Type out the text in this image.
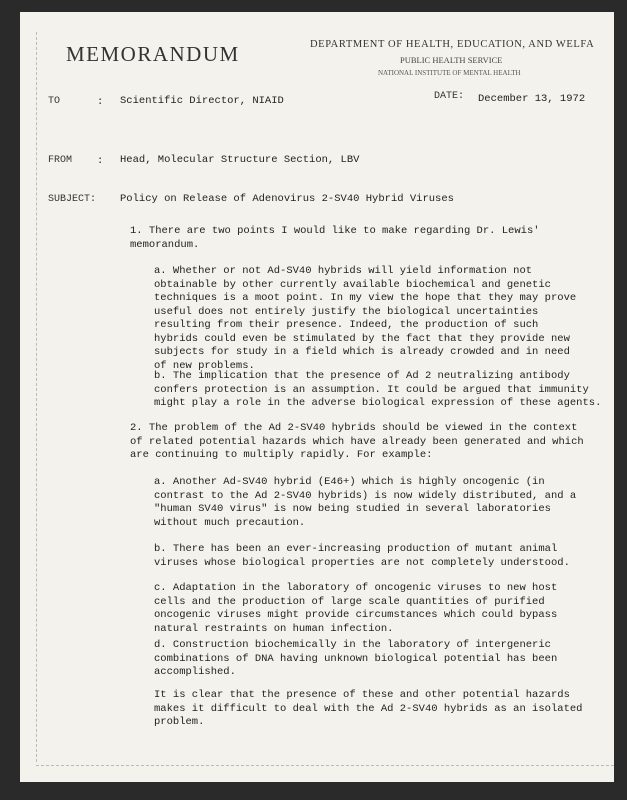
MEMORANDUM	DEPARTMENT OF HEALTH, EDUCATION, AND WELFA
PUBLIC HEALTH SERVICE
NATIONAL INSTITUTE OF MENTAL HEALTH
TO	: Scientific Director, NIAID	DATE: December 13, 1972
FROM : Head, Molecular Structure Section, LBV
SUBJECT: Policy on Release of Adenovirus 2-SV40 Hybrid Viruses

1. There are two points I would like to make regarding Dr. Lewis' memorandum.

a. Whether or not Ad-SV40 hybrids will yield information not obtainable by other currently available biochemical and genetic techniques is a moot point. In my view the hope that they may prove useful does not entirely justify the biological uncertainties resulting from their presence. Indeed, the production of such hybrids could even be stimulated by the fact that they provide new subjects for study in a field which is already crowded and in need of new problems.

b. The implication that the presence of Ad 2 neutralizing antibody confers protection is an assumption. It could be argued that immunity might play a role in the adverse biological expression of these agents.

2. The problem of the Ad 2-SV40 hybrids should be viewed in the context of related potential hazards which have already been generated and which are continuing to multiply rapidly. For example:

a. Another Ad-SV40 hybrid (E46+) which is highly oncogenic (in contrast to the Ad 2-SV40 hybrids) is now widely distributed, and a "human SV40 virus" is now being studied in several laboratories without much precaution.

b. There has been an ever-increasing production of mutant animal viruses whose biological properties are not completely understood.

c. Adaptation in the laboratory of oncogenic viruses to new host cells and the production of large scale quantities of purified oncogenic viruses might provide circumstances which could bypass natural restraints on human infection.

d. Construction biochemically in the laboratory of intergeneric combinations of DNA having unknown biological potential has been accomplished.

It is clear that the presence of these and other potential hazards makes it difficult to deal with the Ad 2-SV40 hybrids as an isolated problem.
